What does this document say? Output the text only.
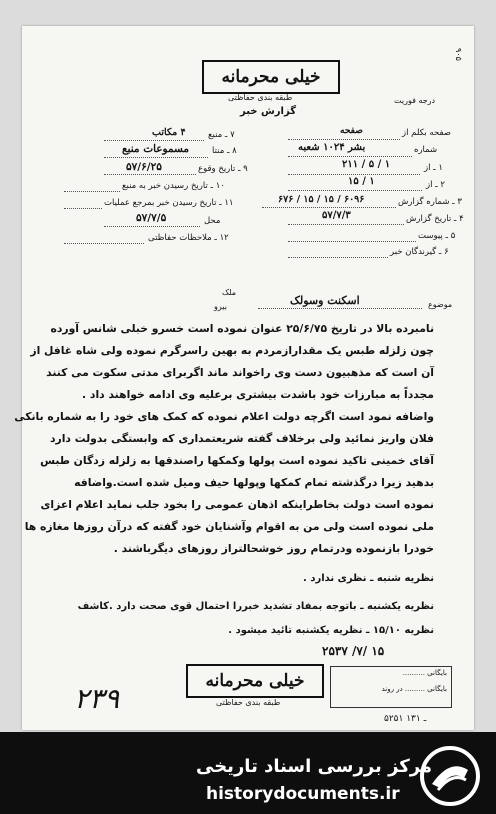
خیلی محرمانه
طبقه بندی حفاظتی
گزارش خبر
۹۰۵
درجه فوریت
صفحه بکلم از
صفحه
شماره
بشر ۱۰۲۴ شعبه
۱ ـ از
۲۱۱ / ۵ / ۱
۲ ـ از
۱۵ / ۱
۳ ـ شماره گزارش
۶۷۶ / ۱۵ / ۱۵ / ۶۰۹۶
۴ ـ تاریخ گزارش
۵۷/۷/۳
۵ ـ پیوست
۶ ـ گیرندگان خبر
۷ ـ منبع
۴ مکاتب
۸ ـ منتا
مسموعات منبع
۹ ـ تاریخ وقوع
۵۷/۶/۲۵
۱۰ ـ تاریخ رسیدن خبر به منبع
۱۱ ـ تاریخ رسیدن خبر بمرجع عملیات
محل
۵۷/۷/۵
۱۲ ـ ملاحظات حفاظتی
موضوع
اسکنت وسولک
ملک
بیرو
نامبرده بالا در تاریخ ۲۵/۶/۷۵ عنوان نموده است خسرو خبلی شانس آورده
چون زلزله طبس یک مقدارازمردم به بهین راسرگرم نموده ولی شاه غافل از
آن است که مذهبیون دست وی راخواند ماند اگربرای مدتی سکوت می کنند
مجدداً به مبارزات خود باشدت بیشتری برعلیه وی ادامه خواهند داد .
واضافه نمود است اگرچه دولت اعلام نموده که کمک های خود را به شماره بانکی
فلان واریز نمائید ولی برخلاف گفته شریعتمداری که وابستگی بدولت دارد
آقای خمینی تاکید نموده است پولها وکمکها راصندقها به زلزله زدگان طبس
بدهید زیرا درگذشته تمام کمکها وپولها حیف ومیل شده است.واضافه
نموده است دولت بخاطراینکه اذهان عمومی را بخود جلب نماید اعلام اعزای
ملی نموده است ولی من به اقوام وآشنایان خود گفته که درآن روزها مغازه ها
خودرا بازنموده ودرتمام روز خوشحالتراز روزهای دیگرباشند .
نظریه شنبه ـ نظری ندارد .
نظریه یکشنبه ـ باتوجه بمفاد تشدید خبررا احتمال قوی صحت دارد .کاشف
نظریه ۱۵/۱۰ ـ نظریه یکشنبه تائید میشود .
۲۵۳۷ /۷/ ۱۵
خیلی محرمانه
طبقه بندی حفاظتی
بایگانی ..........
بایگانی ......... در روند
۲۳۹
۵۲ـ ۱۳۱ ۵۱
مرکز بررسی اسناد تاریخی
historydocuments.ir
